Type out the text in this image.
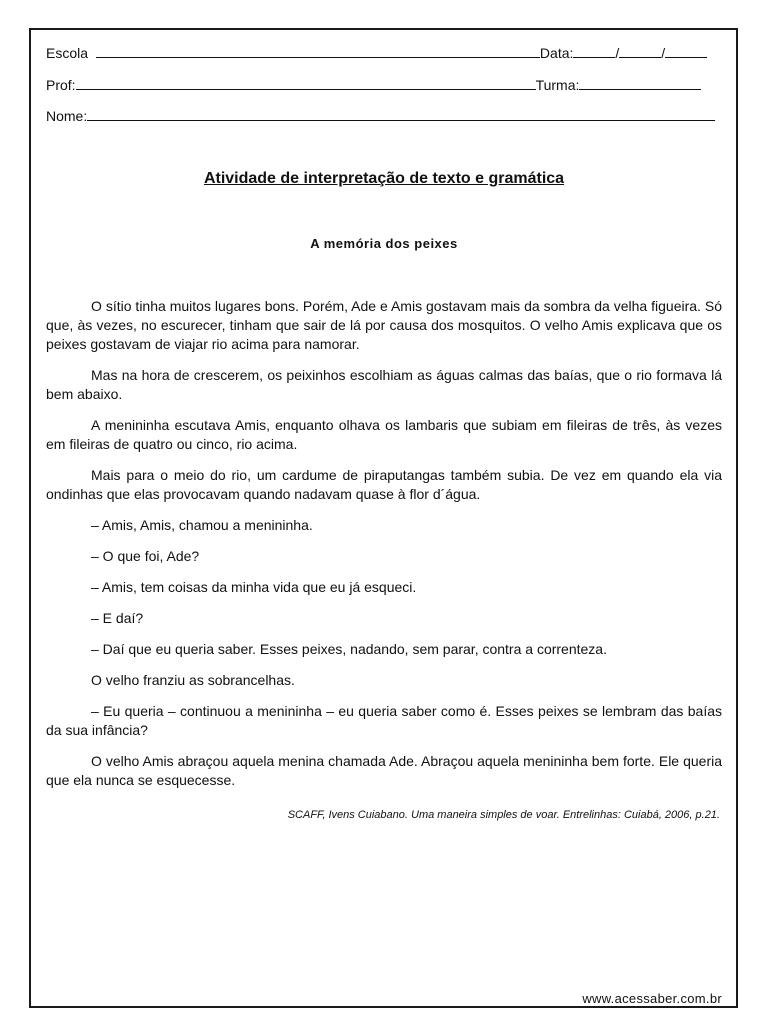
Escola	Data:	/	/
Prof:	Turma:
Nome:
Atividade de interpretação de texto e gramática
A memória dos peixes

O sítio tinha muitos lugares bons. Porém, Ade e Amis gostavam mais da sombra da velha figueira. Só que, às vezes, no escurecer, tinham que sair de lá por causa dos mosquitos. O velho Amis explicava que os peixes gostavam de viajar rio acima para namorar.

Mas na hora de crescerem, os peixinhos escolhiam as águas calmas das baías, que o rio formava lá bem abaixo.

A menininha escutava Amis, enquanto olhava os lambaris que subiam em fileiras de três, às vezes em fileiras de quatro ou cinco, rio acima.

Mais para o meio do rio, um cardume de piraputangas também subia. De vez em quando ela via ondinhas que elas provocavam quando nadavam quase à flor d´água.

– Amis, Amis, chamou a menininha.

– O que foi, Ade?

– Amis, tem coisas da minha vida que eu já esqueci.

– E daí?

– Daí que eu queria saber. Esses peixes, nadando, sem parar, contra a correnteza.

O velho franziu as sobrancelhas.

– Eu queria – continuou a menininha – eu queria saber como é. Esses peixes se lembram das baías da sua infância?

O velho Amis abraçou aquela menina chamada Ade. Abraçou aquela menininha bem forte. Ele queria que ela nunca se esquecesse.

SCAFF, Ivens Cuiabano. Uma maneira simples de voar. Entrelinhas: Cuiabá, 2006, p.21.
www.acessaber.com.br
